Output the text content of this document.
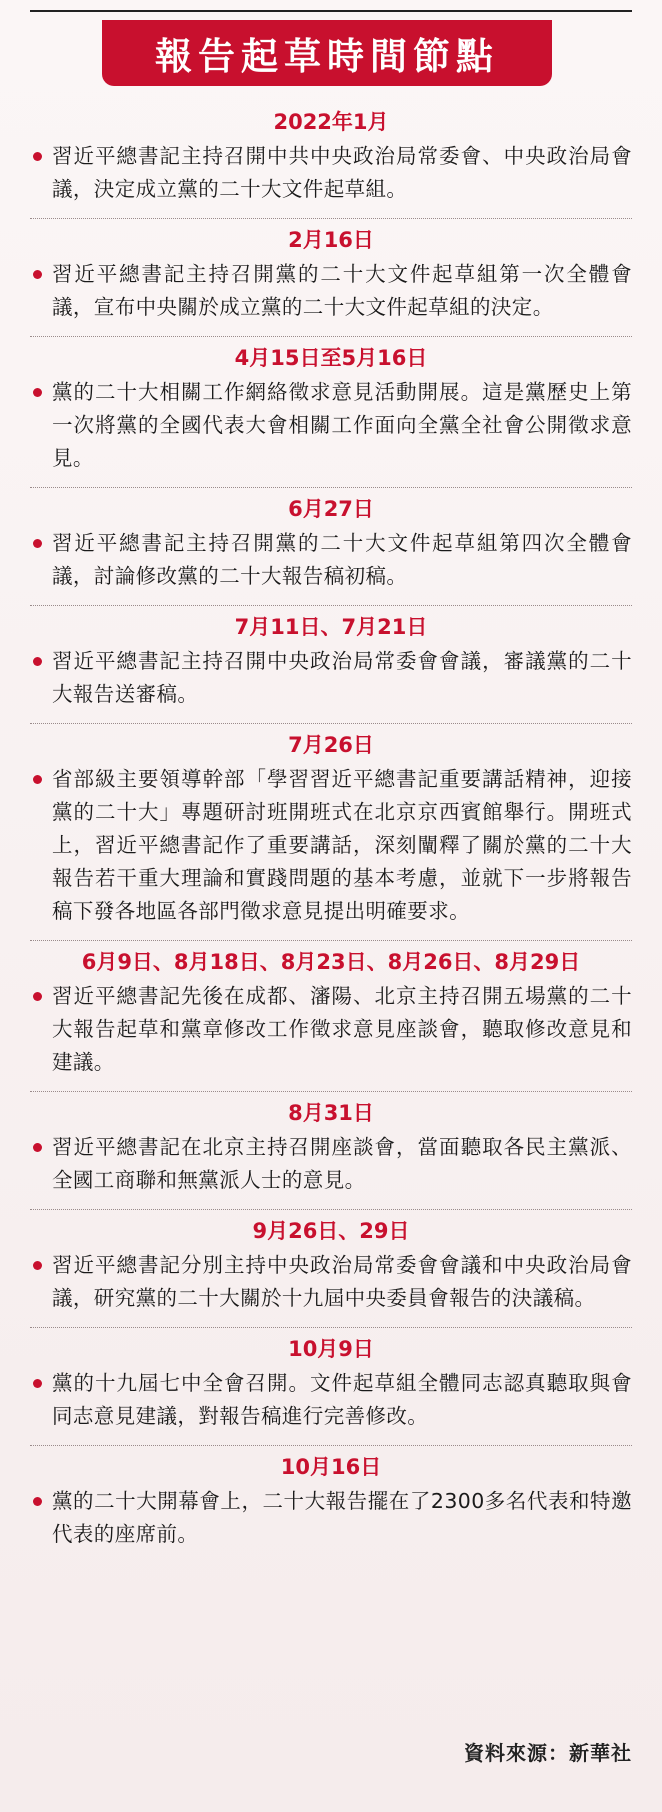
報告起草時間節點
2022年1月
習近平總書記主持召開中共中央政治局常委會、中央政治局會議，決定成立黨的二十大文件起草組。
2月16日
習近平總書記主持召開黨的二十大文件起草組第一次全體會議，宣布中央關於成立黨的二十大文件起草組的決定。
4月15日至5月16日
黨的二十大相關工作網絡徵求意見活動開展。這是黨歷史上第一次將黨的全國代表大會相關工作面向全黨全社會公開徵求意見。
6月27日
習近平總書記主持召開黨的二十大文件起草組第四次全體會議，討論修改黨的二十大報告稿初稿。
7月11日、7月21日
習近平總書記主持召開中央政治局常委會會議，審議黨的二十大報告送審稿。
7月26日
省部級主要領導幹部「學習習近平總書記重要講話精神，迎接黨的二十大」專題研討班開班式在北京京西賓館舉行。開班式上，習近平總書記作了重要講話，深刻闡釋了關於黨的二十大報告若干重大理論和實踐問題的基本考慮，並就下一步將報告稿下發各地區各部門徵求意見提出明確要求。
6月9日、8月18日、8月23日、8月26日、8月29日
習近平總書記先後在成都、瀋陽、北京主持召開五場黨的二十大報告起草和黨章修改工作徵求意見座談會，聽取修改意見和建議。
8月31日
習近平總書記在北京主持召開座談會，當面聽取各民主黨派、全國工商聯和無黨派人士的意見。
9月26日、29日
習近平總書記分別主持中央政治局常委會會議和中央政治局會議，研究黨的二十大關於十九屆中央委員會報告的決議稿。
10月9日
黨的十九屆七中全會召開。文件起草組全體同志認真聽取與會同志意見建議，對報告稿進行完善修改。
10月16日
黨的二十大開幕會上，二十大報告擺在了2300多名代表和特邀代表的座席前。
資料來源：新華社
